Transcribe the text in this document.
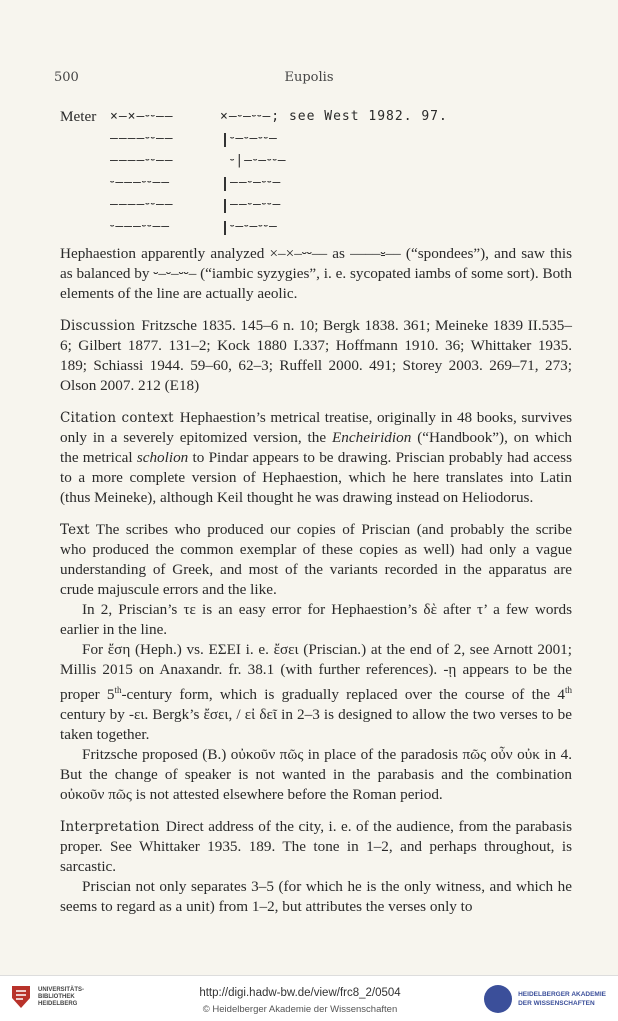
500	Eupolis
Meter	×–×–⏑⏑––	×–⏑–⏑⏑–; see West 1982. 97.
––––⏑⏑––	⏑–⏑–⏑⏑–
––––⏑⏑––	⏑|–⏑–⏑⏑–
⏑–––⏑⏑––	––⏑–⏑⏑–
––––⏑⏑––	––⏑–⏑⏑–
⏑–––⏑⏑––	⏑–⏑–⏑⏑–

Hephaestion apparently analyzed ×–×–⏑⏑–– as ––––⏓–– (“spondees”), and saw this as balanced by ⏑–⏑–⏑⏑– (“iambic syzygies”, i. e. sycopated iambs of some sort). Both elements of the line are actually aeolic.

Discussion Fritzsche 1835. 145–6 n. 10; Bergk 1838. 361; Meineke 1839 II.535–6; Gilbert 1877. 131–2; Kock 1880 I.337; Hoffmann 1910. 36; Whittaker 1935. 189; Schiassi 1944. 59–60, 62–3; Ruffell 2000. 491; Storey 2003. 269–71, 273; Olson 2007. 212 (E18)

Citation context Hephaestion’s metrical treatise, originally in 48 books, survives only in a severely epitomized version, the Encheiridion (“Handbook”), on which the metrical scholion to Pindar appears to be drawing. Priscian probably had access to a more complete version of Hephaestion, which he here translates into Latin (thus Meineke), although Keil thought he was drawing instead on Heliodorus.

Text The scribes who produced our copies of Priscian (and probably the scribe who produced the common exemplar of these copies as well) had only a vague understanding of Greek, and most of the variants recorded in the apparatus are crude majuscule errors and the like.

In 2, Priscian’s τε is an easy error for Hephaestion’s δὲ after τ’ a few words earlier in the line.

For ἔση (Heph.) vs. ΕΣΕΙ i. e. ἔσει (Priscian.) at the end of 2, see Arnott 2001; Millis 2015 on Anaxandr. fr. 38.1 (with further references). -ῃ appears to be the proper 5th-century form, which is gradually replaced over the course of the 4th century by -ει. Bergk’s ἔσει, / εἰ δεῖ in 2–3 is designed to allow the two verses to be taken together.

Fritzsche proposed (B.) οὐκοῦν πῶς in place of the paradosis πῶς οὖν οὐκ in 4. But the change of speaker is not wanted in the parabasis and the combination οὐκοῦν πῶς is not attested elsewhere before the Roman period.

Interpretation Direct address of the city, i. e. of the audience, from the parabasis proper. See Whittaker 1935. 189. The tone in 1–2, and perhaps throughout, is sarcastic.

Priscian not only separates 3–5 (for which he is the only witness, and which he seems to regard as a unit) from 1–2, but attributes the verses only to

UNIVERSITÄTS-
BIBLIOTHEK
HEIDELBERG
http://digi.hadw-bw.de/view/frc8_2/0504
© Heidelberger Akademie der Wissenschaften
HEIDELBERGER AKADEMIE
DER WISSENSCHAFTEN
